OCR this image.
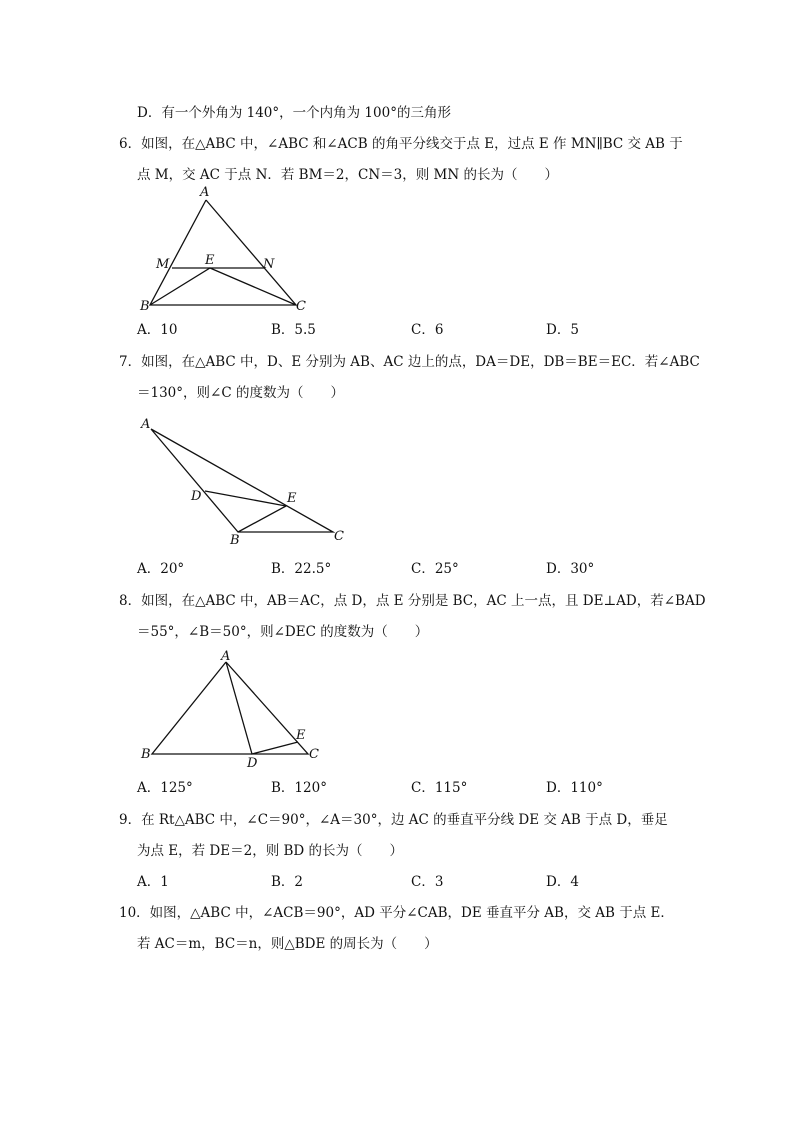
D．有一个外角为 140°，一个内角为 100°的三角形
6．如图，在△ABC 中，∠ABC 和∠ACB 的角平分线交于点 E，过点 E 作 MN∥BC 交 AB 于
点 M，交 AC 于点 N．若 BM＝2，CN＝3，则 MN 的长为（　　）
A
M	E	N
B	C
A．10	B．5.5	C．6	D．5
7．如图，在△ABC 中，D、E 分别为 AB、AC 边上的点，DA＝DE，DB＝BE＝EC．若∠ABC
＝130°，则∠C 的度数为（　　）
A
D	E
B	C
A．20°	B．22.5°	C．25°	D．30°
8．如图，在△ABC 中，AB＝AC，点 D，点 E 分别是 BC，AC 上一点，且 DE⊥AD，若∠BAD
＝55°，∠B＝50°，则∠DEC 的度数为（　　）
A
B
D
E
C
A．125°	B．120°	C．115°	D．110°
9．在 Rt△ABC 中，∠C＝90°，∠A＝30°，边 AC 的垂直平分线 DE 交 AB 于点 D，垂足
为点 E，若 DE＝2，则 BD 的长为（　　）
A．1	B．2	C．3	D．4
10．如图，△ABC 中，∠ACB＝90°，AD 平分∠CAB，DE 垂直平分 AB，交 AB 于点 E．
若 AC＝m，BC＝n，则△BDE 的周长为（　　）
